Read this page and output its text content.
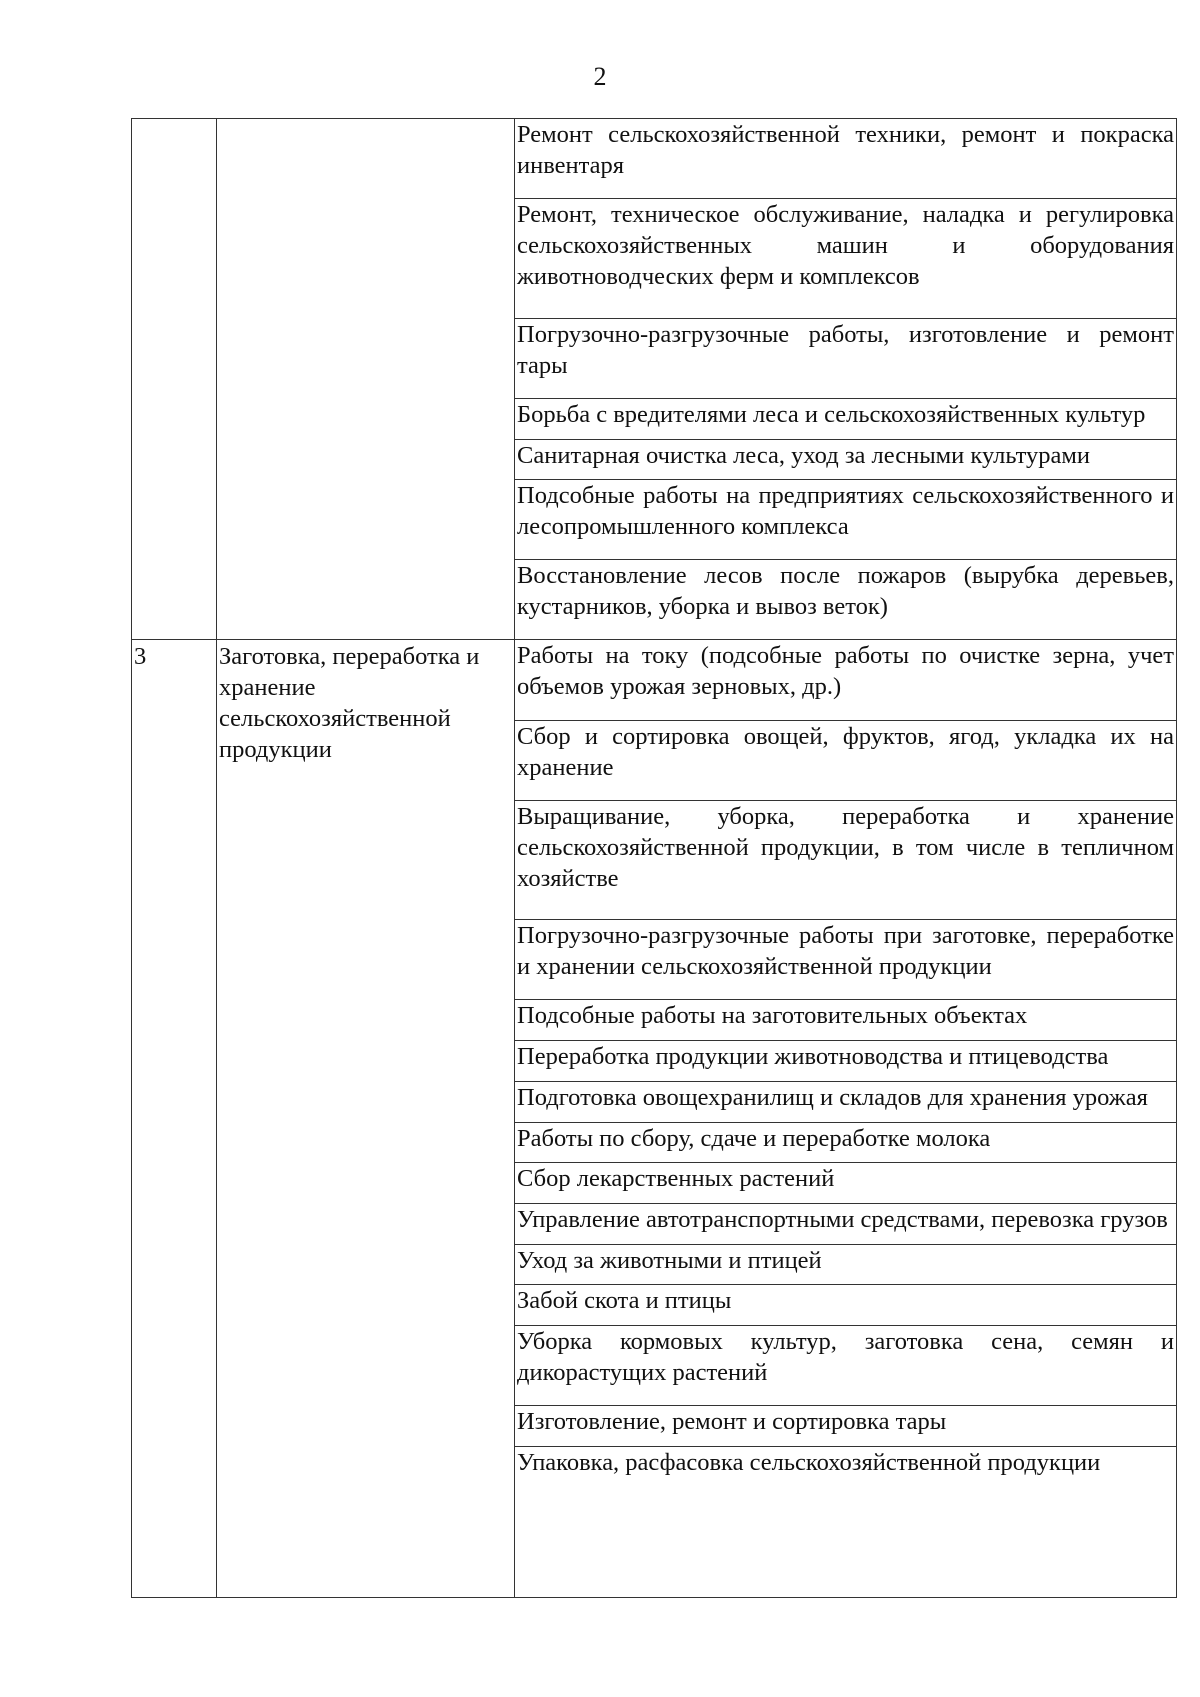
2
		Ремонт сельскохозяйственной техники, ремонт и покраска инвентаря
		Ремонт, техническое обслуживание, наладка и регулировка сельскохозяйственных машин и оборудования животноводческих ферм и комплексов
		Погрузочно-разгрузочные работы, изготовление и ремонт тары
		Борьба с вредителями леса и сельскохозяйственных культур
		Санитарная очистка леса, уход за лесными культурами
		Подсобные работы на предприятиях сельскохозяйственного и лесопромышленного комплекса
		Восстановление лесов после пожаров (вырубка деревьев, кустарников, уборка и вывоз веток)
3	Заготовка, переработка и хранение сельскохозяйственной продукции	Работы на току (подсобные работы по очистке зерна, учет объемов урожая зерновых, др.)
		Сбор и сортировка овощей, фруктов, ягод, укладка их на хранение
		Выращивание, уборка, переработка и хранение сельскохозяйственной продукции, в том числе в тепличном хозяйстве
		Погрузочно-разгрузочные работы при заготовке, переработке и хранении сельскохозяйственной продукции
		Подсобные работы на заготовительных объектах
		Переработка продукции животноводства и птицеводства
		Подготовка овощехранилищ и складов для хранения урожая
		Работы по сбору, сдаче и переработке молока
		Сбор лекарственных растений
		Управление автотранспортными средствами, перевозка грузов
		Уход за животными и птицей
		Забой скота и птицы
		Уборка кормовых культур, заготовка сена, семян и дикорастущих растений
		Изготовление, ремонт и сортировка тары
		Упаковка, расфасовка сельскохозяйственной продукции
